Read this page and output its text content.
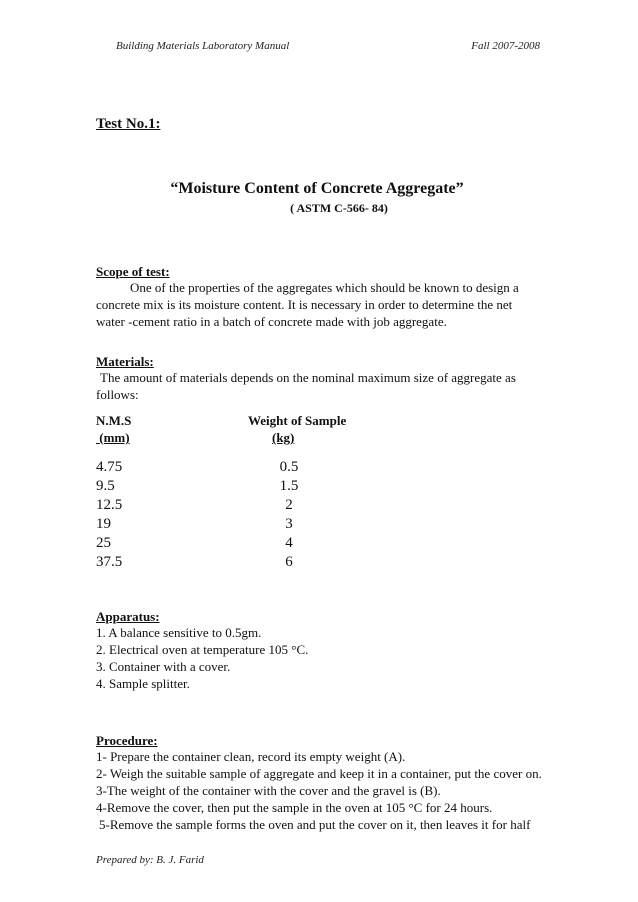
Building Materials Laboratory Manual	Fall 2007-2008
Test No.1:
“Moisture Content of Concrete Aggregate”
( ASTM C-566- 84)
Scope of test:
One of the properties of the aggregates which should be known to design a
concrete mix is its moisture content. It is necessary in order to determine the net
water -cement ratio in a batch of concrete made with job aggregate.
Materials:
The amount of materials depends on the nominal maximum size of aggregate as
follows:
N.M.S
(mm)
Weight of Sample
(kg)
4.75	0.5
9.5	1.5
12.5	2
19	3
25	4
37.5	6
Apparatus:
1. A balance sensitive to 0.5gm.
2. Electrical oven at temperature 105 °C.
3. Container with a cover.
4. Sample splitter.
Procedure:
1- Prepare the container clean, record its empty weight (A).
2- Weigh the suitable sample of aggregate and keep it in a container, put the cover on.
3-The weight of the container with the cover and the gravel is (B).
4-Remove the cover, then put the sample in the oven at 105 °C for 24 hours.
5-Remove the sample forms the oven and put the cover on it, then leaves it for half
Prepared by: B. J. Farid
